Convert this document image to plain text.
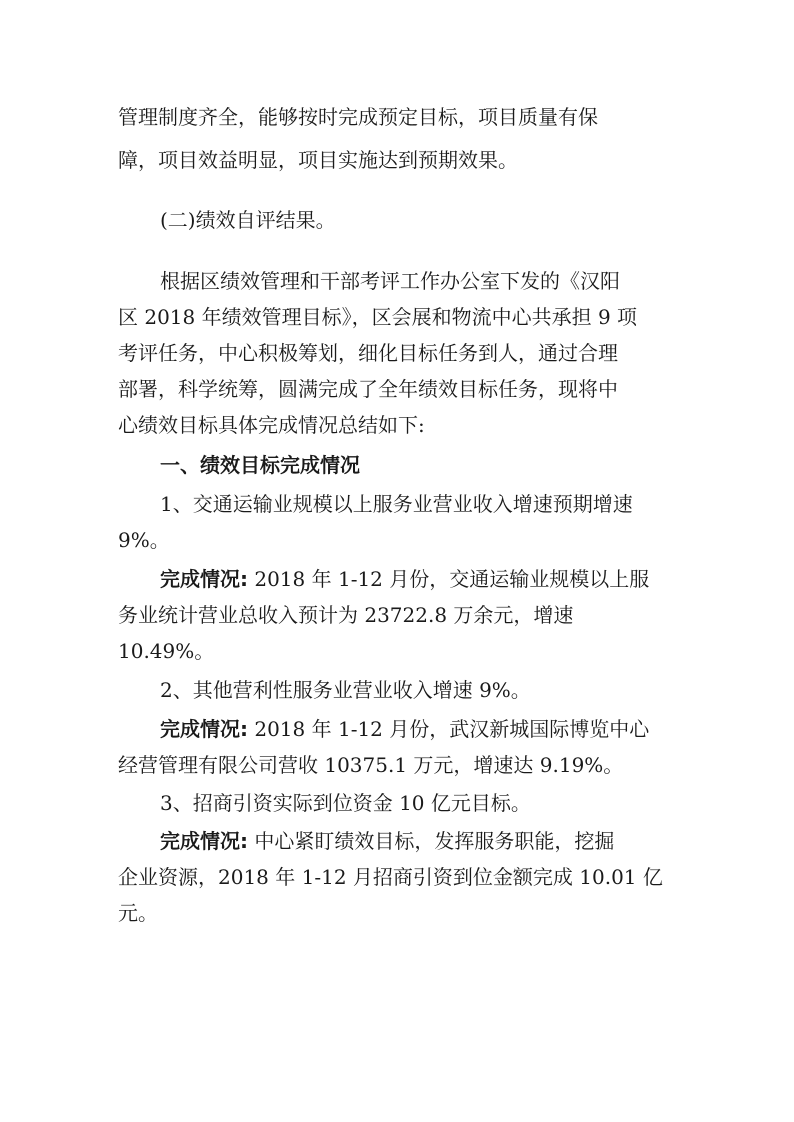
管理制度齐全，能够按时完成预定目标，项目质量有保
障，项目效益明显，项目实施达到预期效果。
(二)绩效自评结果。
根据区绩效管理和干部考评工作办公室下发的《汉阳
区 2018 年绩效管理目标》，区会展和物流中心共承担 9 项
考评任务，中心积极筹划，细化目标任务到人，通过合理
部署，科学统筹，圆满完成了全年绩效目标任务，现将中
心绩效目标具体完成情况总结如下:
一、绩效目标完成情况
1、交通运输业规模以上服务业营业收入增速预期增速
9%。
完成情况: 2018 年 1-12 月份，交通运输业规模以上服
务业统计营业总收入预计为 23722.8 万余元，增速
10.49%。
2、其他营利性服务业营业收入增速 9%。
完成情况: 2018 年 1-12 月份，武汉新城国际博览中心
经营管理有限公司营收 10375.1 万元，增速达 9.19%。
3、招商引资实际到位资金 10 亿元目标。
完成情况: 中心紧盯绩效目标，发挥服务职能，挖掘
企业资源，2018 年 1-12 月招商引资到位金额完成 10.01 亿
元。
